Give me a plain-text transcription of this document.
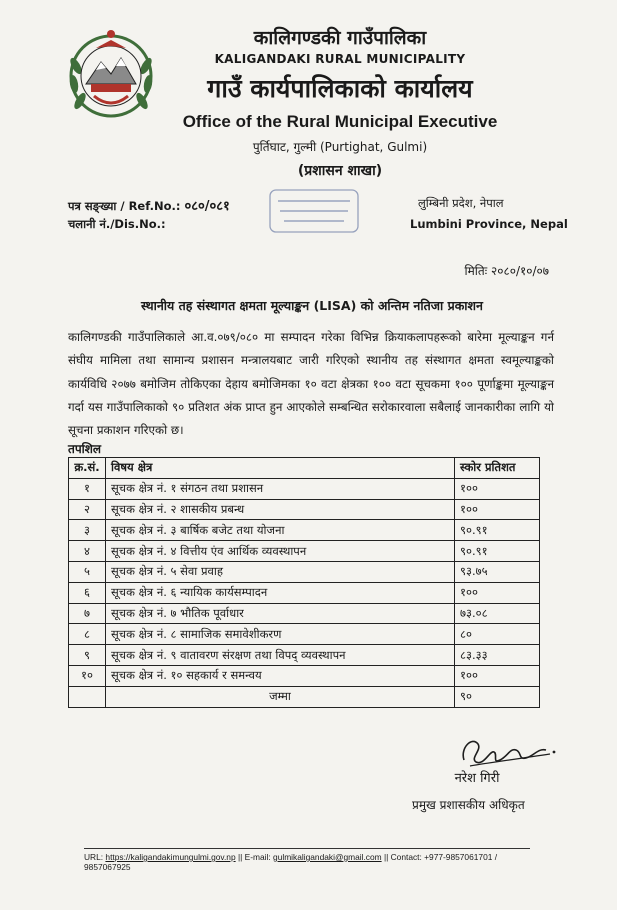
कालिगण्डकी गाउँपालिका
KALIGANDAKI RURAL MUNICIPALITY
गाउँ कार्यपालिकाको कार्यालय
Office of the Rural Municipal Executive
पुर्तिघाट, गुल्मी (Purtighat, Gulmi)
(प्रशासन शाखा)
पत्र सङ्ख्या / Ref.No.: ०८०/०८१
चलानी नं./Dis.No.:
लुम्बिनी प्रदेश, नेपाल
Lumbini Province, Nepal
मितिः २०८०/१०/०७
स्थानीय तह संस्थागत क्षमता मूल्याङ्कन (LISA) को अन्तिम नतिजा प्रकाशन
कालिगण्डकी गाउँपालिकाले आ.व.०७९/०८० मा सम्पादन गरेका विभिन्न क्रियाकलापहरूको बारेमा मूल्याङ्कन गर्न संघीय मामिला तथा सामान्य प्रशासन मन्त्रालयबाट जारी गरिएको स्थानीय तह संस्थागत क्षमता स्वमूल्याङ्कको कार्यविधि २०७७ बमोजिम तोकिएका देहाय बमोजिमका १० वटा क्षेत्रका १०० वटा सूचकमा १०० पूर्णाङ्कमा मूल्याङ्कन गर्दा यस गाउँपालिकाको ९० प्रतिशत अंक प्राप्त हुन आएकोले सम्बन्धित सरोकारवाला सबैलाई जानकारीका लागि यो सूचना प्रकाशन गरिएको छ।
तपशिल
क्र.सं.	विषय क्षेत्र	स्कोर प्रतिशत
१	सूचक क्षेत्र नं. १ संगठन तथा प्रशासन	१००
२	सूचक क्षेत्र नं. २ शासकीय प्रबन्ध	१००
३	सूचक क्षेत्र नं. ३ बार्षिक बजेट तथा योजना	९०.९१
४	सूचक क्षेत्र नं. ४ वित्तीय एंव आर्थिक व्यवस्थापन	९०.९१
५	सूचक क्षेत्र नं. ५ सेवा प्रवाह	९३.७५
६	सूचक क्षेत्र नं. ६ न्यायिक कार्यसम्पादन	१००
७	सूचक क्षेत्र नं. ७ भौतिक पूर्वाधार	७३.०८
८	सूचक क्षेत्र नं. ८ सामाजिक समावेशीकरण	८०
९	सूचक क्षेत्र नं. ९ वातावरण संरक्षण तथा विपद् व्यवस्थापन	८३.३३
१०	सूचक क्षेत्र नं. १० सहकार्य र समन्वय	१००
	जम्मा	९०
नरेश गिरी
प्रमुख प्रशासकीय अधिकृत
URL: https://kaligandakimungulmi.gov.np || E-mail: gulmikaligandaki@gmail.com || Contact: +977-9857061701 / 9857067925
